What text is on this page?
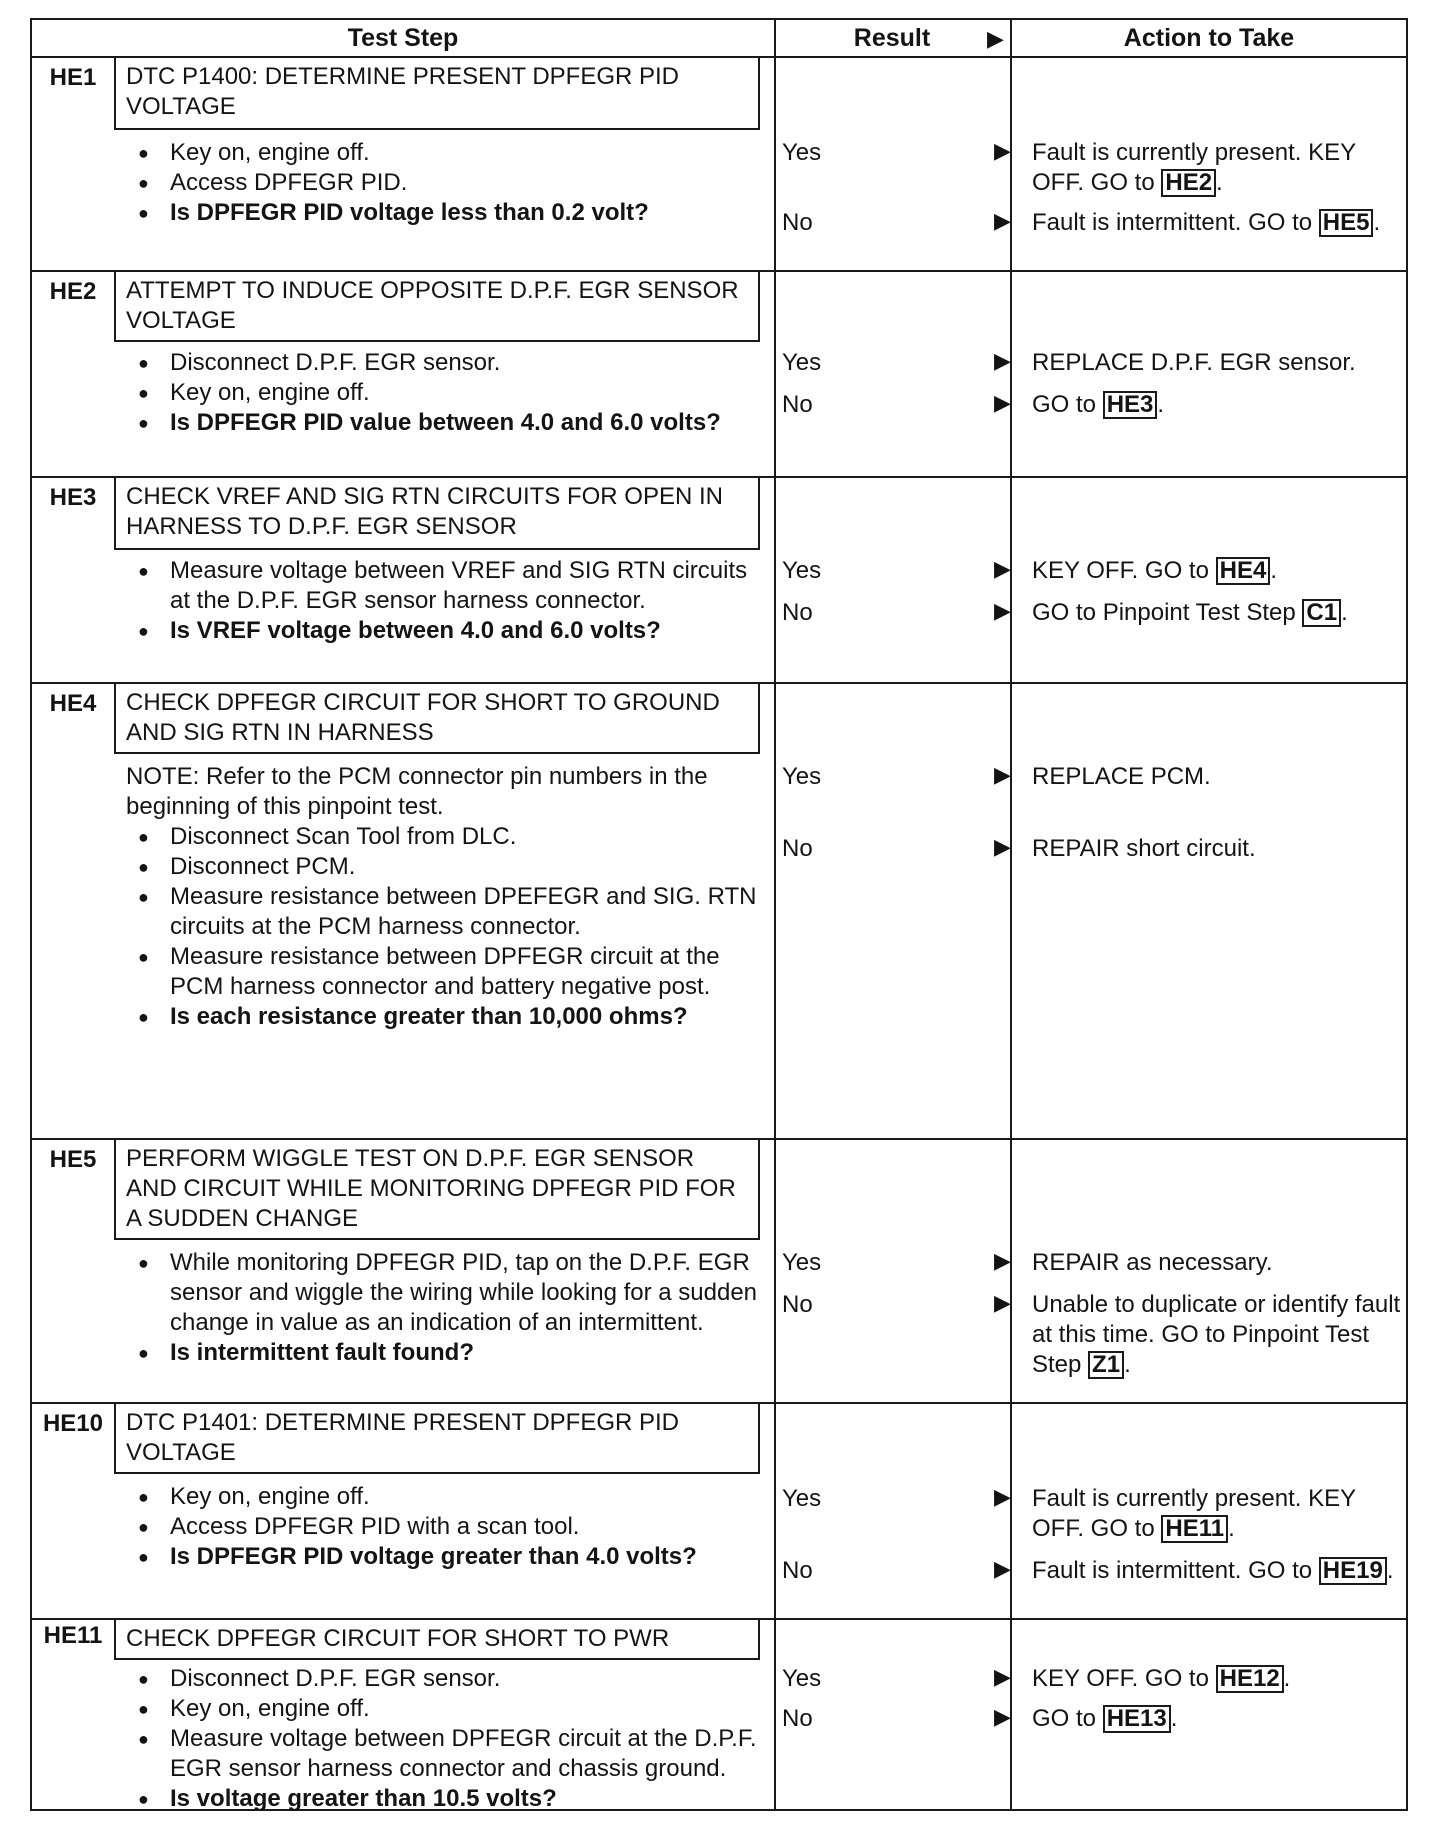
Test Step	Result	▶	Action to Take
HE1	DTC P1400: DETERMINE PRESENT DPFEGR PID VOLTAGE
● Key on, engine off.
● Access DPFEGR PID.
● Is DPFEGR PID voltage less than 0.2 volt?
Yes	▶ Fault is currently present. KEY OFF. GO to HE2 .
No	▶ Fault is intermittent. GO to HE5 .
HE2	ATTEMPT TO INDUCE OPPOSITE D.P.F. EGR SENSOR VOLTAGE
● Disconnect D.P.F. EGR sensor.
● Key on, engine off.
● Is DPFEGR PID value between 4.0 and 6.0 volts?
Yes	▶ REPLACE D.P.F. EGR sensor.
No	▶ GO to HE3 .
HE3	CHECK VREF AND SIG RTN CIRCUITS FOR OPEN IN HARNESS TO D.P.F. EGR SENSOR
● Measure voltage between VREF and SIG RTN circuits at the D.P.F. EGR sensor harness connector.
● Is VREF voltage between 4.0 and 6.0 volts?
Yes	▶ KEY OFF. GO to HE4 .
No	▶ GO to Pinpoint Test Step C1 .
HE4	CHECK DPFEGR CIRCUIT FOR SHORT TO GROUND AND SIG RTN IN HARNESS
NOTE: Refer to the PCM connector pin numbers in the beginning of this pinpoint test.
● Disconnect Scan Tool from DLC.
● Disconnect PCM.
● Measure resistance between DPEFEGR and SIG. RTN circuits at the PCM harness connector.
● Measure resistance between DPFEGR circuit at the PCM harness connector and battery negative post.
● Is each resistance greater than 10,000 ohms?
Yes	▶ REPLACE PCM.
No	▶ REPAIR short circuit.
HE5	PERFORM WIGGLE TEST ON D.P.F. EGR SENSOR AND CIRCUIT WHILE MONITORING DPFEGR PID FOR A SUDDEN CHANGE
● While monitoring DPFEGR PID, tap on the D.P.F. EGR sensor and wiggle the wiring while looking for a sudden change in value as an indication of an intermittent.
● Is intermittent fault found?
Yes	▶ REPAIR as necessary.
No	▶ Unable to duplicate or identify fault at this time. GO to Pinpoint Test Step Z1 .
HE10 DTC P1401: DETERMINE PRESENT DPFEGR PID VOLTAGE
● Key on, engine off.
● Access DPFEGR PID with a scan tool.
● Is DPFEGR PID voltage greater than 4.0 volts?
Yes	▶ Fault is currently present. KEY OFF. GO to HE11 .
No	▶ Fault is intermittent. GO to HE19 .
HE11 CHECK DPFEGR CIRCUIT FOR SHORT TO PWR
● Disconnect D.P.F. EGR sensor.
● Key on, engine off.
● Measure voltage between DPFEGR circuit at the D.P.F. EGR sensor harness connector and chassis ground.
● Is voltage greater than 10.5 volts?
Yes	▶ KEY OFF. GO to HE12 .
No	▶ GO to HE13 .
